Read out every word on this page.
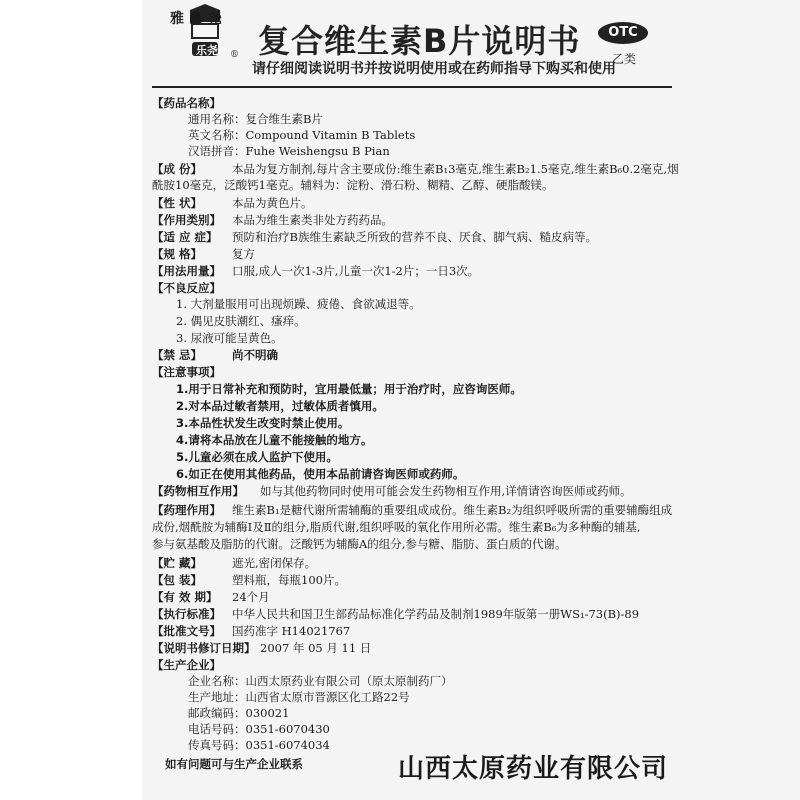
雅 ☗ 尧
乐尧 ® 复合维生素B片说明书	OTC
乙类
请仔细阅读说明书并按说明使用或在药师指导下购买和使用
【药品名称】
通用名称：复合维生素B片
英文名称：Compound Vitamin B Tablets
汉语拼音：Fuhe Weishengsu B Pian
【成 份】	本品为复方制剂,每片含主要成份:维生素B₁3毫克,维生素B₂1.5毫克,维生素B₆0.2毫克,烟
酰胺10毫克，泛酸钙1毫克。辅料为：淀粉、滑石粉、糊精、乙醇、硬脂酸镁。
【性 状】	本品为黄色片。
【作用类别】 本品为维生素类非处方药药品。
【适 应 症】 预防和治疗B族维生素缺乏所致的营养不良、厌食、脚气病、糙皮病等。
【规 格】	复方
【用法用量】 口服,成人一次1-3片,儿童一次1-2片；一日3次。
【不良反应】
1. 大剂量服用可出现烦躁、疲倦、食欲减退等。
2. 偶见皮肤潮红、瘙痒。
3. 尿液可能呈黄色。
【禁 忌】	尚不明确
【注意事项】
1.用于日常补充和预防时，宜用最低量；用于治疗时，应咨询医师。
2.对本品过敏者禁用，过敏体质者慎用。
3.本品性状发生改变时禁止使用。
4.请将本品放在儿童不能接触的地方。
5.儿童必须在成人监护下使用。
6.如正在使用其他药品，使用本品前请咨询医师或药师。
【药物相互作用】 如与其他药物同时使用可能会发生药物相互作用,详情请咨询医师或药师。
【药理作用】 维生素B₁是糖代谢所需辅酶的重要组成成份。维生素B₂为组织呼吸所需的重要辅酶组成
成份,烟酰胺为辅酶Ⅰ及Ⅱ的组分,脂质代谢,组织呼吸的氧化作用所必需。维生素B₆为多种酶的辅基,
参与氨基酸及脂肪的代谢。泛酸钙为辅酶A的组分,参与糖、脂肪、蛋白质的代谢。
【贮 藏】	遮光,密闭保存。
【包 装】	塑料瓶，每瓶100片。
【有 效 期】 24个月
【执行标准】 中华人民共和国卫生部药品标准化学药品及制剂1989年版第一册WS₁-73(B)-89
【批准文号】 国药准字 H14021767
【说明书修订日期】 2007 年 05 月 11 日
【生产企业】
企业名称：山西太原药业有限公司（原太原制药厂）
生产地址：山西省太原市晋源区化工路22号
邮政编码：030021
电话号码：0351-6070430
传真号码：0351-6074034
如有问题可与生产企业联系	山西太原药业有限公司
